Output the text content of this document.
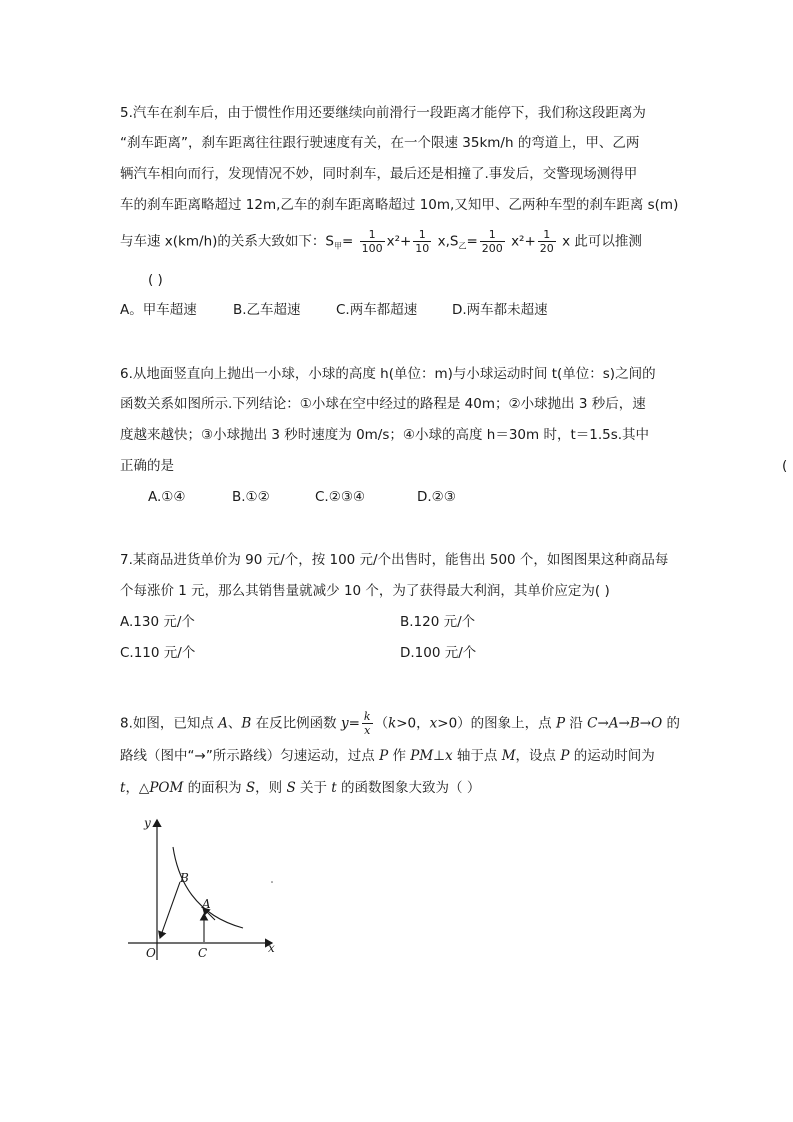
5.汽车在刹车后，由于惯性作用还要继续向前滑行一段距离才能停下，我们称这段距离为
“刹车距离”，刹车距离往往跟行驶速度有关，在一个限速 35km/h 的弯道上，甲、乙两
辆汽车相向而行，发现情况不妙，同时刹车，最后还是相撞了.事发后，交警现场测得甲
车的刹车距离略超过 12m,乙车的刹车距离略超过 10m,又知甲、乙两种车型的刹车距离 s(m)
与车速 x(km/h)的关系大致如下：$S_甲= \frac{1}{100} x^2+ \frac{1}{10} x,S_乙= \frac{1}{200} x^2+ \frac{1}{20}$ x 此可以推测
( )
A。甲车超速	B.乙车超速	C.两车都超速	D.两车都未超速
6.从地面竖直向上抛出一小球，小球的高度 h(单位：m)与小球运动时间 t(单位：s)之间的
函数关系如图所示.下列结论：①小球在空中经过的路程是 40m；②小球抛出 3 秒后，速
度越来越快；③小球抛出 3 秒时速度为 0m/s；④小球的高度 h＝30m 时，t＝1.5s.其中
正确的是	(
A.①④	B.①②	C.②③④	D.②③
7.某商品进货单价为 90 元/个，按 100 元/个出售时，能售出 500 个，如图图果这种商品每
个每涨价 1 元，那么其销售量就减少 10 个，为了获得最大利润，其单价应定为( )
A.130 元/个	B.120 元/个
C.110 元/个	D.100 元/个
8.如图，已知点 A、B 在反比例函数 $y= \frac{k}{x} (k>0$，x>0）的图象上，点 P 沿 C→A→B→O 的
路线（图中“→”所示路线）匀速运动，过点 P 作 PM⊥x 轴于点 M，设点 P 的运动时间为
t，△POM 的面积为 S，则 S 关于 t 的函数图象大致为（ ）
y
x
O	C
A
B
